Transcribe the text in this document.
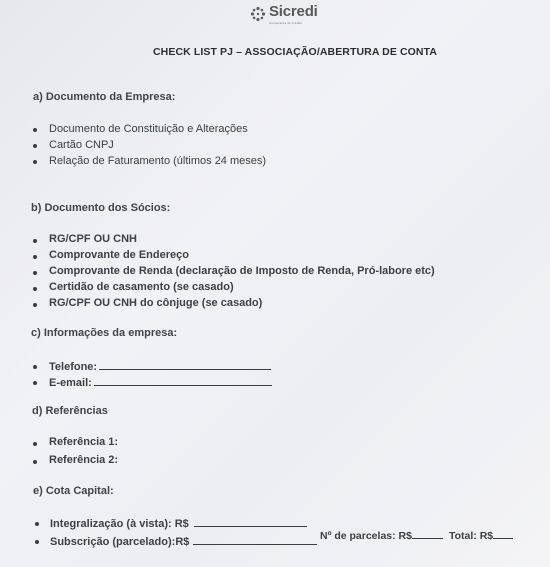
Sicredi
Cooperativa de Crédito
CHECK LIST PJ – ASSOCIAÇÃO/ABERTURA DE CONTA
a) Documento da Empresa:
Documento de Constituição e Alterações
Cartão CNPJ
Relação de Faturamento (últimos 24 meses)
b) Documento dos Sócios:
RG/CPF OU CNH
Comprovante de Endereço
Comprovante de Renda (declaração de Imposto de Renda, Pró-labore etc)
Certidão de casamento (se casado)
RG/CPF OU CNH do cônjuge (se casado)
c) Informações da empresa:
Telefone:
E-email:
d) Referências
Referência 1:
Referência 2:
e) Cota Capital:
Integralização (à vista): R$
Subscrição (parcelado):R$	Nº de parcelas: R$	Total: R$
